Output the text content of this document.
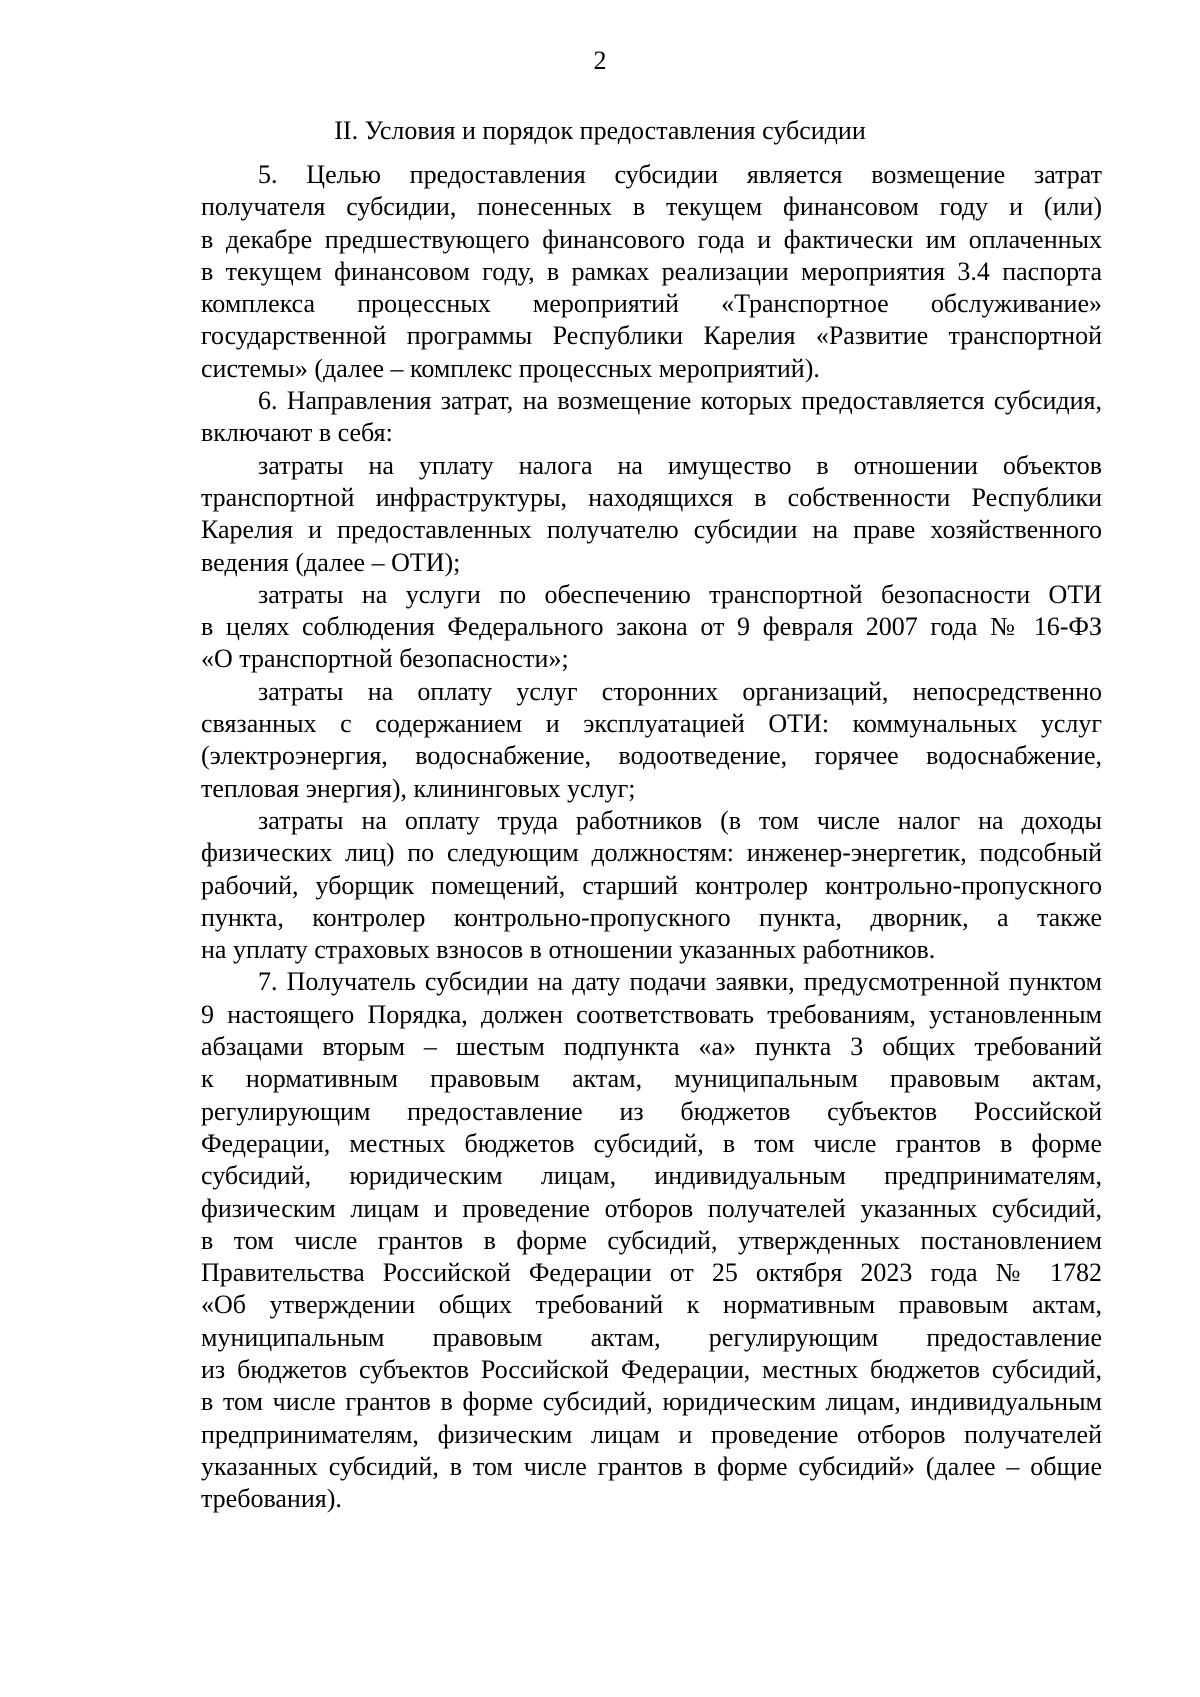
2
II. Условия и порядок предоставления субсидии
5. Целью предоставления субсидии является возмещение затрат
получателя субсидии, понесенных в текущем финансовом году и (или)
в декабре предшествующего финансового года и фактически им оплаченных
в текущем финансовом году, в рамках реализации мероприятия 3.4 паспорта
комплекса процессных мероприятий «Транспортное обслуживание»
государственной программы Республики Карелия «Развитие транспортной
системы» (далее – комплекс процессных мероприятий).
6. Направления затрат, на возмещение которых предоставляется субсидия,
включают в себя:
затраты на уплату налога на имущество в отношении объектов
транспортной инфраструктуры, находящихся в собственности Республики
Карелия и предоставленных получателю субсидии на праве хозяйственного
ведения (далее – ОТИ);
затраты на услуги по обеспечению транспортной безопасности ОТИ
в целях соблюдения Федерального закона от 9 февраля 2007 года № 16-ФЗ
«О транспортной безопасности»;
затраты на оплату услуг сторонних организаций, непосредственно
связанных с содержанием и эксплуатацией ОТИ: коммунальных услуг
(электроэнергия, водоснабжение, водоотведение, горячее водоснабжение,
тепловая энергия), клининговых услуг;
затраты на оплату труда работников (в том числе налог на доходы
физических лиц) по следующим должностям: инженер-энергетик, подсобный
рабочий, уборщик помещений, старший контролер контрольно-пропускного
пункта, контролер контрольно-пропускного пункта, дворник, а также
на уплату страховых взносов в отношении указанных работников.
7. Получатель субсидии на дату подачи заявки, предусмотренной пунктом
9 настоящего Порядка, должен соответствовать требованиям, установленным
абзацами вторым – шестым подпункта «а» пункта 3 общих требований
к нормативным правовым актам, муниципальным правовым актам,
регулирующим предоставление из бюджетов субъектов Российской
Федерации, местных бюджетов субсидий, в том числе грантов в форме
субсидий, юридическим лицам, индивидуальным предпринимателям,
физическим лицам и проведение отборов получателей указанных субсидий,
в том числе грантов в форме субсидий, утвержденных постановлением
Правительства Российской Федерации от 25 октября 2023 года № 1782
«Об утверждении общих требований к нормативным правовым актам,
муниципальным правовым актам, регулирующим предоставление
из бюджетов субъектов Российской Федерации, местных бюджетов субсидий,
в том числе грантов в форме субсидий, юридическим лицам, индивидуальным
предпринимателям, физическим лицам и проведение отборов получателей
указанных субсидий, в том числе грантов в форме субсидий» (далее – общие
требования).
